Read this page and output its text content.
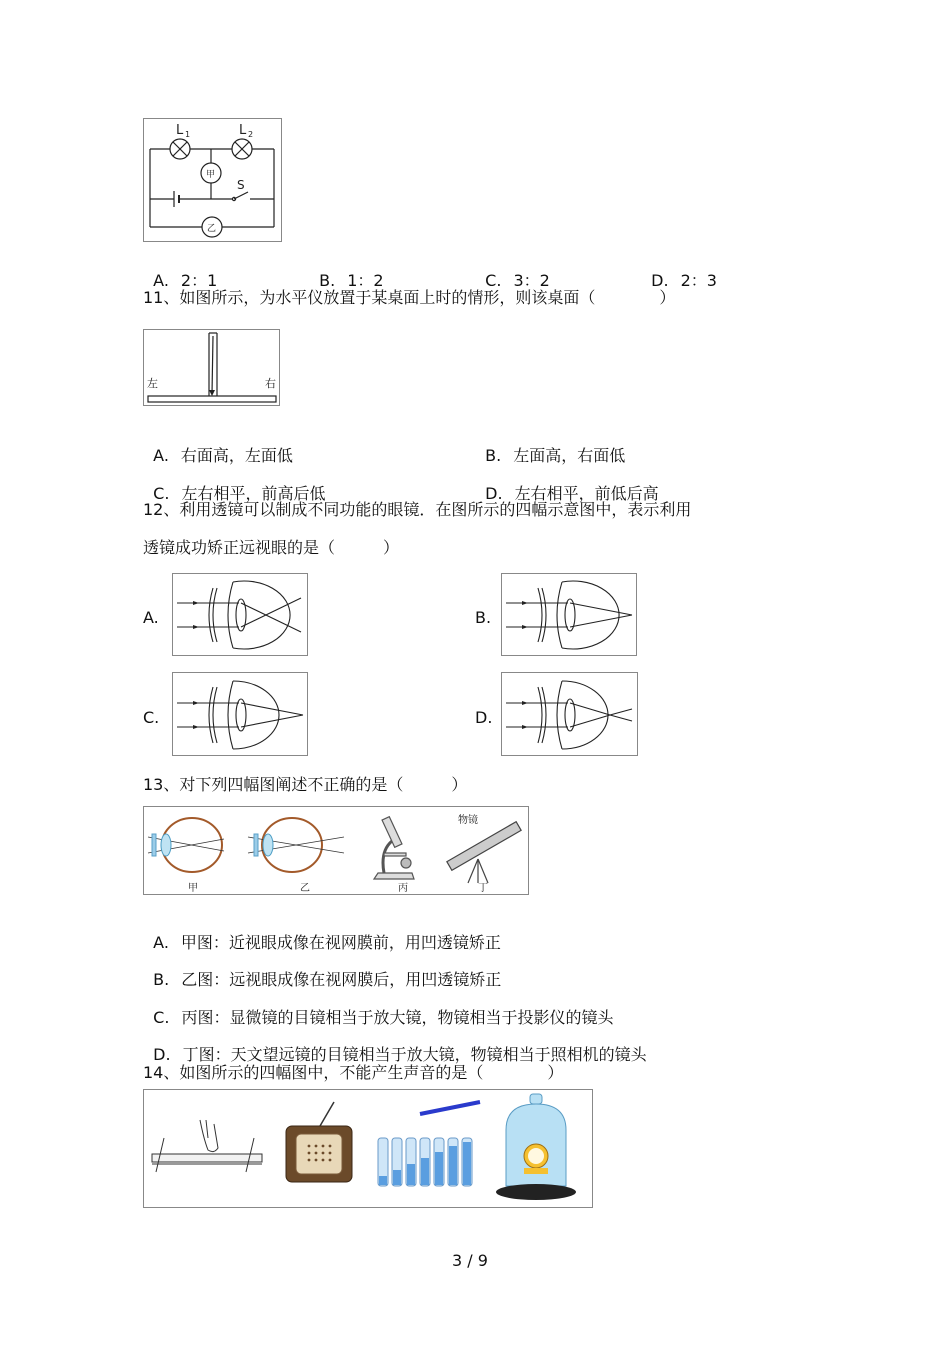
L 1	L 2
甲
S
乙

A. 2：1	B. 1：2	C. 3：2	D. 2：3

11、如图所示，为水平仪放置于某桌面上时的情形，则该桌面（　　　　）
左	右

A. 右面高，左面低	B. 左面高，右面低

C. 左右相平，前高后低	D. 左右相平，前低后高

12、利用透镜可以制成不同功能的眼镜．在图所示的四幅示意图中，表示利用
透镜成功矫正远视眼的是（　　　）
A.	B.
C.	D.
13、对下列四幅图阐述不正确的是（　　　）
甲	乙	丙
物镜
丁

A. 甲图：近视眼成像在视网膜前，用凹透镜矫正

B. 乙图：远视眼成像在视网膜后，用凹透镜矫正

C. 丙图：显微镜的目镜相当于放大镜，物镜相当于投影仪的镜头

D. 丁图：天文望远镜的目镜相当于放大镜，物镜相当于照相机的镜头

14、如图所示的四幅图中，不能产生声音的是（　　　　）
3 / 9
